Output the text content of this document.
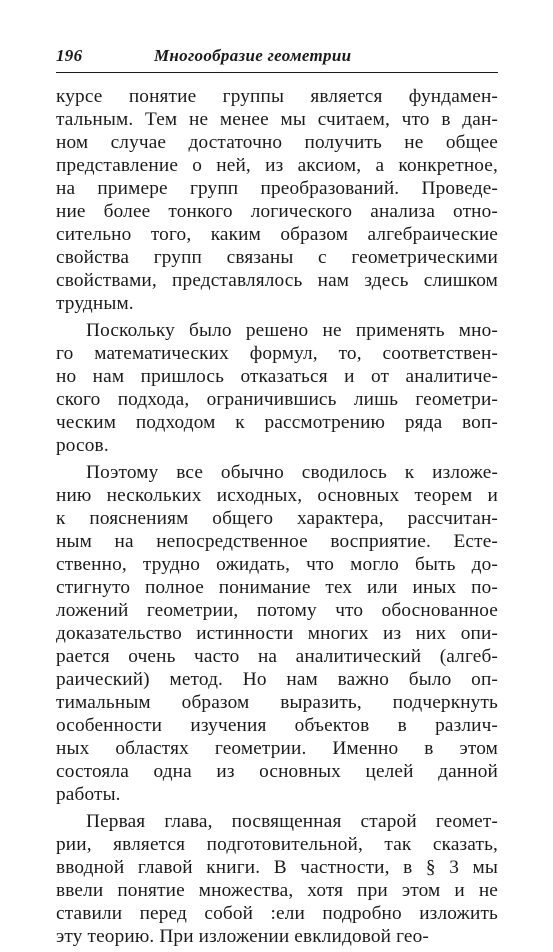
196	Многообразие геометрии
курсе понятие группы является фундамен-
тальным. Тем не менее мы считаем, что в дан-
ном случае достаточно получить не общее
представление о ней, из аксиом, а конкретное,
на примере групп преобразований. Проведе-
ние более тонкого логического анализа отно-
сительно того, каким образом алгебраические
свойства групп связаны с геометрическими
свойствами, представлялось нам здесь слишком
трудным.
Поскольку было решено не применять мно-
го математических формул, то, соответствен-
но нам пришлось отказаться и от аналитиче-
ского подхода, ограничившись лишь геометри-
ческим подходом к рассмотрению ряда воп-
росов.
Поэтому все обычно сводилось к изложе-
нию нескольких исходных, основных теорем и
к пояснениям общего характера, рассчитан-
ным на непосредственное восприятие. Есте-
ственно, трудно ожидать, что могло быть до-
стигнуто полное понимание тех или иных по-
ложений геометрии, потому что обоснованное
доказательство истинности многих из них опи-
рается очень часто на аналитический (алгеб-
раический) метод. Но нам важно было оп-
тимальным образом выразить, подчеркнуть
особенности изучения объектов в различ-
ных областях геометрии. Именно в этом
состояла одна из основных целей данной
работы.
Первая глава, посвященная старой геомет-
рии, является подготовительной, так сказать,
вводной главой книги. В частности, в § 3 мы
ввели понятие множества, хотя при этом и не
ставили перед собой :ели подробно изложить
эту теорию. При изложении евклидовой гео-
